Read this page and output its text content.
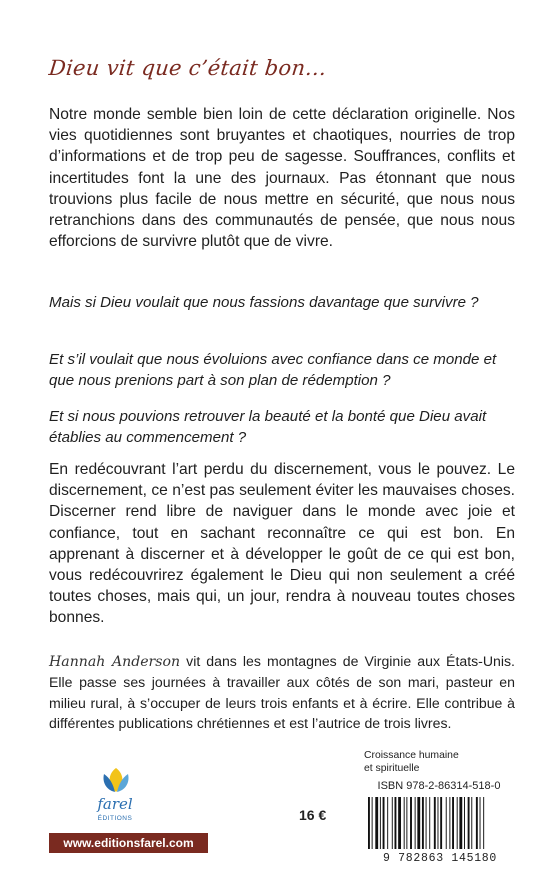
Dieu vit que c’était bon…
Notre monde semble bien loin de cette déclaration originelle. Nos vies quotidiennes sont bruyantes et chaotiques, nourries de trop d’informations et de trop peu de sagesse. Souffrances, conflits et incertitudes font la une des journaux. Pas étonnant que nous trouvions plus facile de nous mettre en sécurité, que nous nous retranchions dans des communautés de pensée, que nous nous efforcions de survivre plutôt que de vivre.
Mais si Dieu voulait que nous fassions davantage que survivre ?
Et s’il voulait que nous évoluions avec confiance dans ce monde et que nous prenions part à son plan de rédemption ?
Et si nous pouvions retrouver la beauté et la bonté que Dieu avait établies au commencement ?
En redécouvrant l’art perdu du discernement, vous le pouvez. Le discernement, ce n’est pas seulement éviter les mauvaises choses. Discerner rend libre de naviguer dans le monde avec joie et confiance, tout en sachant reconnaître ce qui est bon. En apprenant à discerner et à développer le goût de ce qui est bon, vous redécouvrirez également le Dieu qui non seulement a créé toutes choses, mais qui, un jour, rendra à nouveau toutes choses bonnes.
Hannah Anderson vit dans les montagnes de Virginie aux États-Unis. Elle passe ses journées à travailler aux côtés de son mari, pasteur en milieu rural, à s’occuper de leurs trois enfants et à écrire. Elle contribue à différentes publications chrétiennes et est l’autrice de trois livres.
Croissance humaine
et spirituelle
ISBN 978-2-86314-518-0
9 782863 145180
16 €
farel
ÉDITIONS
www.editionsfarel.com
